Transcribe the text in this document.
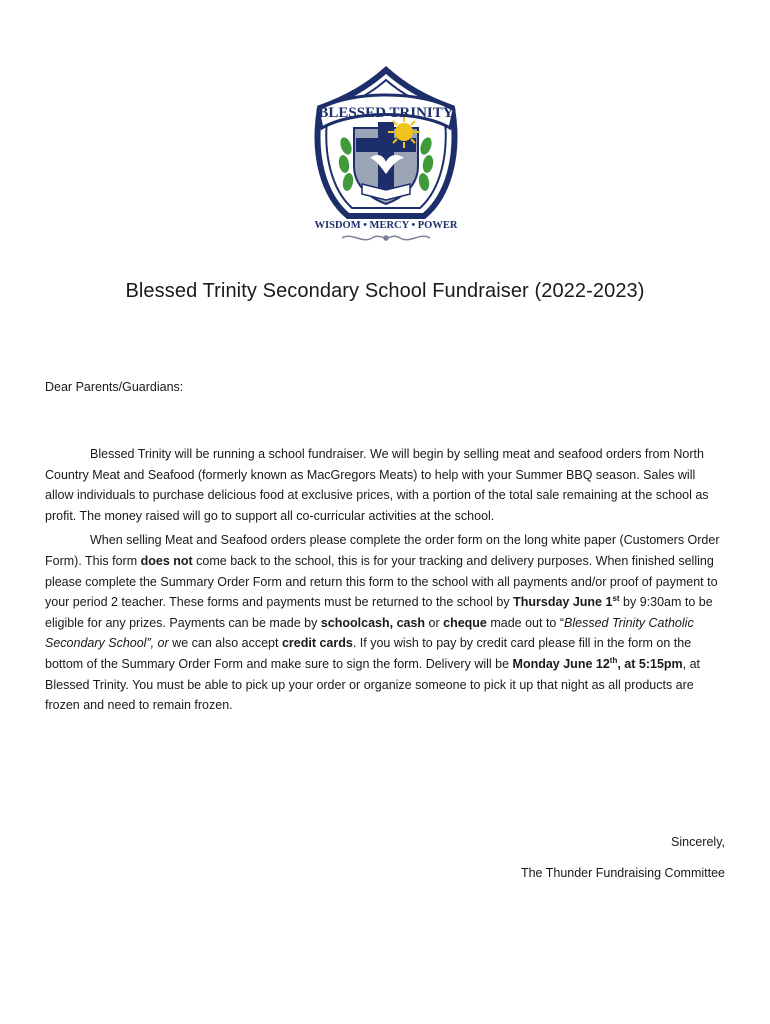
BLESSED TRINITY
WISDOM • MERCY • POWER
Blessed Trinity Secondary School Fundraiser (2022-2023)
Dear Parents/Guardians:

Blessed Trinity will be running a school fundraiser. We will begin by selling meat and seafood orders from North Country Meat and Seafood (formerly known as MacGregors Meats) to help with your Summer BBQ season. Sales will allow individuals to purchase delicious food at exclusive prices, with a portion of the total sale remaining at the school as profit. The money raised will go to support all co-curricular activities at the school.

When selling Meat and Seafood orders please complete the order form on the long white paper (Customers Order Form). This form does not come back to the school, this is for your tracking and delivery purposes. When finished selling please complete the Summary Order Form and return this form to the school with all payments and/or proof of payment to your period 2 teacher. These forms and payments must be returned to the school by Thursday June 1st by 9:30am to be eligible for any prizes. Payments can be made by schoolcash, cash or cheque made out to “Blessed Trinity Catholic Secondary School”, or we can also accept credit cards. If you wish to pay by credit card please fill in the form on the bottom of the Summary Order Form and make sure to sign the form. Delivery will be Monday June 12th, at 5:15pm, at Blessed Trinity. You must be able to pick up your order or organize someone to pick it up that night as all products are frozen and need to remain frozen.

Sincerely,
The Thunder Fundraising Committee
